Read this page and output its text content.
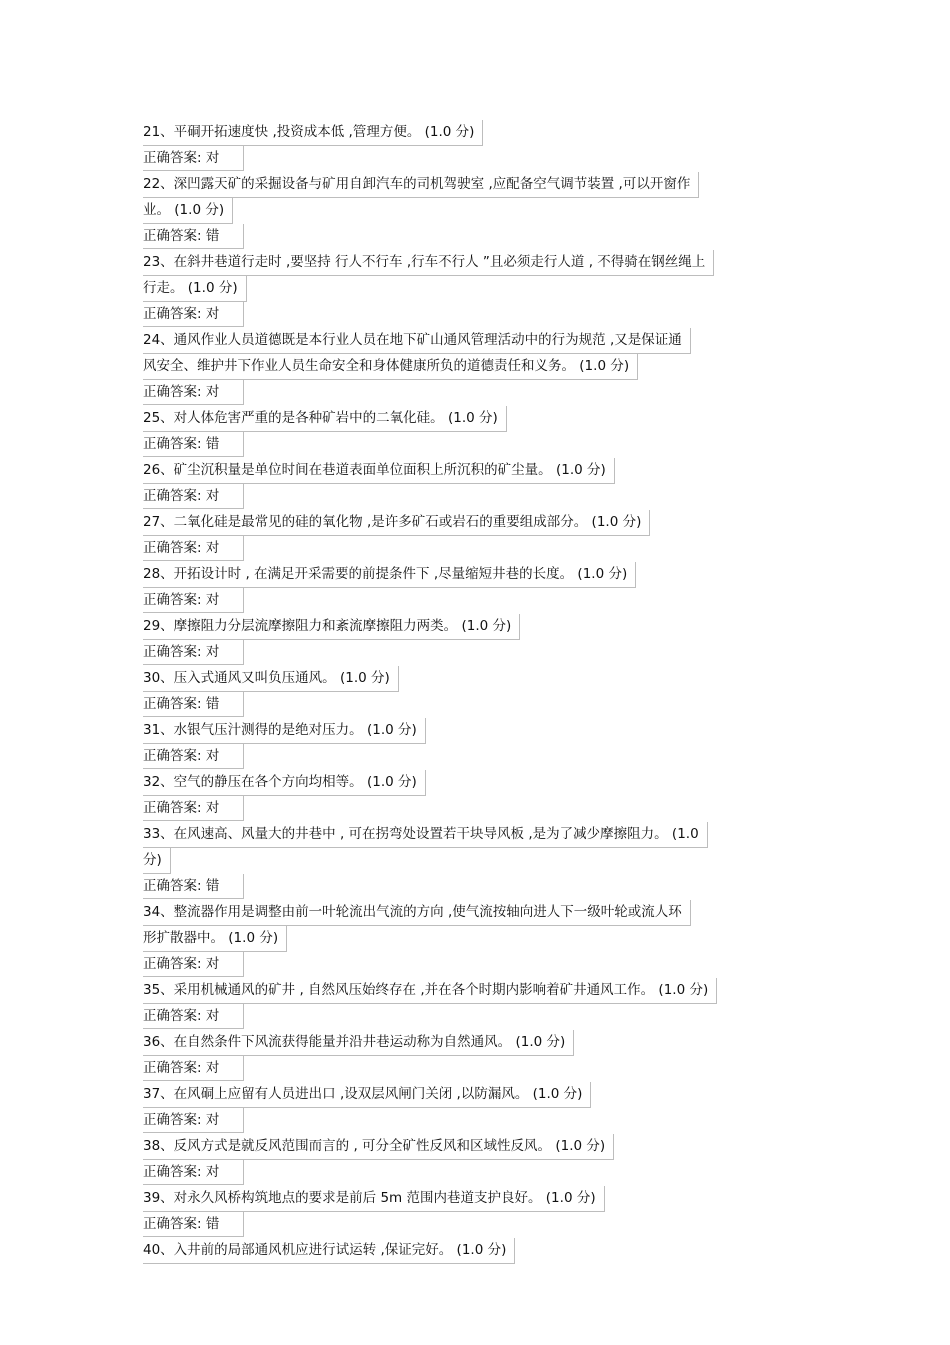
21、平硐开拓速度快 ,投资成本低 ,管理方便。 (1.0 分)
正确答案: 对
22、深凹露天矿的采掘设备与矿用自卸汽车的司机驾驶室 ,应配备空气调节装置 ,可以开窗作
业。 (1.0 分)
正确答案: 错
23、在斜井巷道行走时 ,要坚持 行人不行车 ,行车不行人 ”且必须走行人道 , 不得骑在钢丝绳上
行走。 (1.0 分)
正确答案: 对
24、通风作业人员道德既是本行业人员在地下矿山通风管理活动中的行为规范 ,又是保证通
风安全、维护井下作业人员生命安全和身体健康所负的道德责任和义务。 (1.0 分)
正确答案: 对
25、对人体危害严重的是各种矿岩中的二氧化硅。 (1.0 分)
正确答案: 错
26、矿尘沉积量是单位时间在巷道表面单位面积上所沉积的矿尘量。 (1.0 分)
正确答案: 对
27、二氧化硅是最常见的硅的氧化物 ,是许多矿石或岩石的重要组成部分。 (1.0 分)
正确答案: 对
28、开拓设计时 , 在满足开采需要的前提条件下 ,尽量缩短井巷的长度。 (1.0 分)
正确答案: 对
29、摩擦阻力分层流摩擦阻力和紊流摩擦阻力两类。 (1.0 分)
正确答案: 对
30、压入式通风又叫负压通风。 (1.0 分)
正确答案: 错
31、水银气压汁测得的是绝对压力。 (1.0 分)
正确答案: 对
32、空气的静压在各个方向均相等。 (1.0 分)
正确答案: 对
33、在风速高、风量大的井巷中 , 可在拐弯处设置若干块导风板 ,是为了减少摩擦阻力。 (1.0
分)
正确答案: 错
34、整流器作用是调整由前一叶轮流出气流的方向 ,使气流按轴向进人下一级叶轮或流人环
形扩散器中。 (1.0 分)
正确答案: 对
35、采用机械通风的矿井 , 自然风压始终存在 ,并在各个时期内影响着矿井通风工作。 (1.0 分)
正确答案: 对
36、在自然条件下风流获得能量并沿井巷运动称为自然通风。 (1.0 分)
正确答案: 对
37、在风硐上应留有人员进出口 ,设双层风闸门关闭 ,以防漏风。 (1.0 分)
正确答案: 对
38、反风方式是就反风范围而言的 , 可分全矿性反风和区域性反风。 (1.0 分)
正确答案: 对
39、对永久风桥构筑地点的要求是前后 5m 范围内巷道支护良好。 (1.0 分)
正确答案: 错
40、入井前的局部通风机应进行试运转 ,保证完好。 (1.0 分)
